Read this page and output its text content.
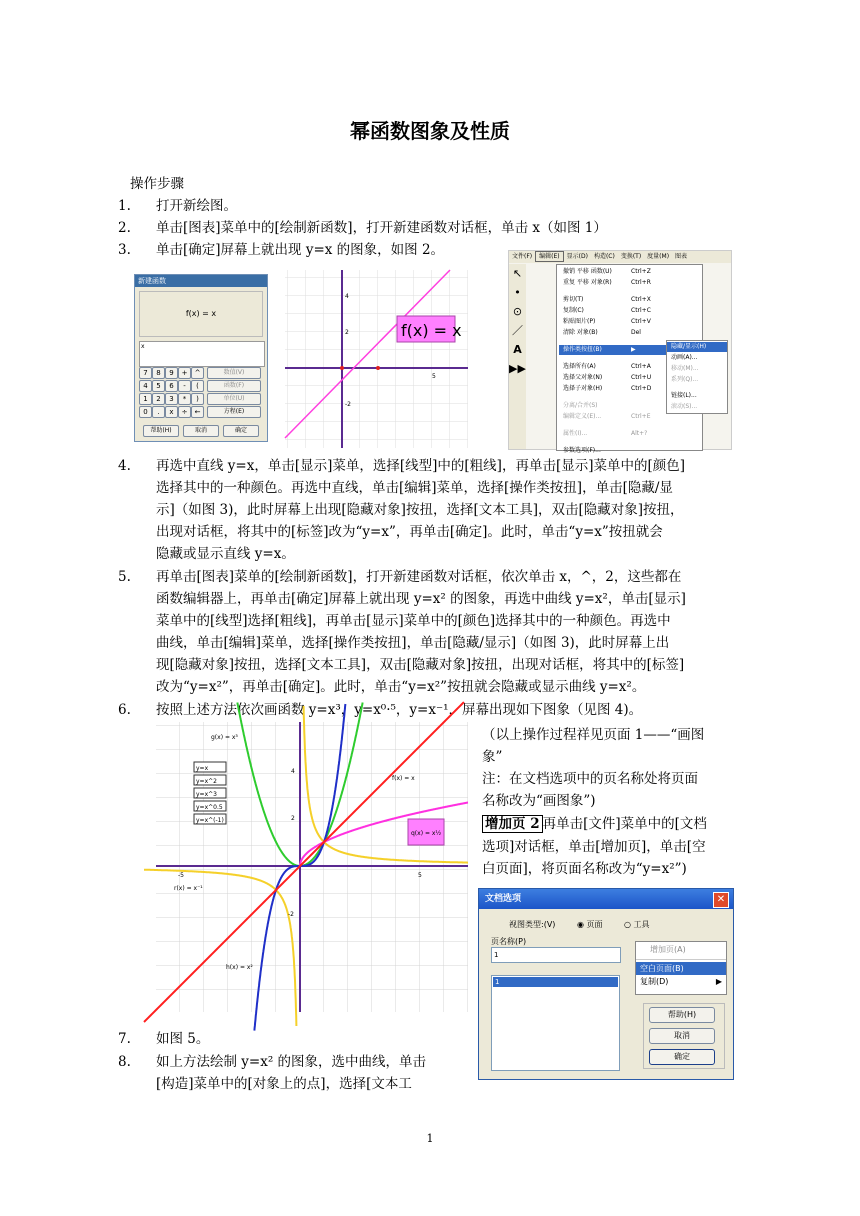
幂函数图象及性质
操作步骤
1. 打开新绘图。
2. 单击[图表]菜单中的[绘制新函数]，打开新建函数对话框，单击 x（如图 1）
3. 单击[确定]屏幕上就出现 y=x 的图象，如图 2。
新建函数
f(x) = x
x
7	8	9	+	^
4	5	6	-	(
1	2	3	*	)
0	.	x	÷	←
数值(V)
函数(F)
单位(U)
方程(E)
帮助(H)	取消	确定
5
4
2
-2
f(x) = x
文件(F) 编辑(E) 显示(D) 构造(C) 变换(T) 度量(M) 图表
↖
•
⊙
／
A
▶▶
撤销 平移 函数(U)	Ctrl+Z
重复 平移 对象(R)	Ctrl+R
剪切(T)	Ctrl+X
复制(C)	Ctrl+C
粘贴图片(P)	Ctrl+V
清除 对象(B)	Del
操作类按扭(B)	▶
选择所有(A)	Ctrl+A
选择父对象(N)	Ctrl+U
选择子对象(H)	Ctrl+D
分离/合并(S)
编辑定义(E)...	Ctrl+E
属性(I)...	Alt+?
参数选项(F)...
隐藏/显示(H)
动画(A)...
移动(M)...
系列(Q)...
链接(L)...
滚动(S)...
4. 再选中直线 y=x，单击[显示]菜单，选择[线型]中的[粗线]，再单击[显示]菜单中的[颜色]
选择其中的一种颜色。再选中直线，单击[编辑]菜单，选择[操作类按扭]，单击[隐藏/显
示]（如图 3)，此时屏幕上出现[隐藏对象]按扭，选择[文本工具]，双击[隐藏对象]按扭，
出现对话框，将其中的[标签]改为“y=x”，再单击[确定]。此时，单击“y=x”按扭就会
隐藏或显示直线 y=x。
5. 再单击[图表]菜单的[绘制新函数]，打开新建函数对话框，依次单击 x，^，2，这些都在
函数编辑器上，再单击[确定]屏幕上就出现 y=x² 的图象，再选中曲线 y=x²，单击[显示]
菜单中的[线型]选择[粗线]，再单击[显示]菜单中的[颜色]选择其中的一种颜色。再选中
曲线，单击[编辑]菜单，选择[操作类按扭]，单击[隐藏/显示]（如图 3)，此时屏幕上出
现[隐藏对象]按扭，选择[文本工具]，双击[隐藏对象]按扭，出现对话框，将其中的[标签]
改为“y=x²”，再单击[确定]。此时，单击“y=x²”按扭就会隐藏或显示曲线 y=x²。
6. 按照上述方法依次画函数 y=x³，y=x⁰·⁵，y=x⁻¹，屏幕出现如下图象（见图 4)。
5
-5
4
2
-2
g(x) = x³
f(x) = x
r(x) = x⁻¹
h(x) = x²
q(x) = x½
y=x
y=x^2
y=x^3
y=x^0.5
y=x^(-1)
（以上操作过程祥见页面 1——“画图
象”
注：在文档选项中的页名称处将页面
名称改为“画图象”)
增加页 2 再单击[文件]菜单中的[文档
选项]对话框，单击[增加页]，单击[空
白页面]，将页面名称改为“y=x²”)
文档选项	✕
视图类型:(V)	◉ 页面	○ 工具
页名称(P)
1
1
增加页(A)
空白页面(B)
复制(D)	▶
帮助(H)
取消
确定
7. 如图 5。
8. 如上方法绘制 y=x² 的图象，选中曲线，单击
[构造]菜单中的[对象上的点]，选择[文本工
1
